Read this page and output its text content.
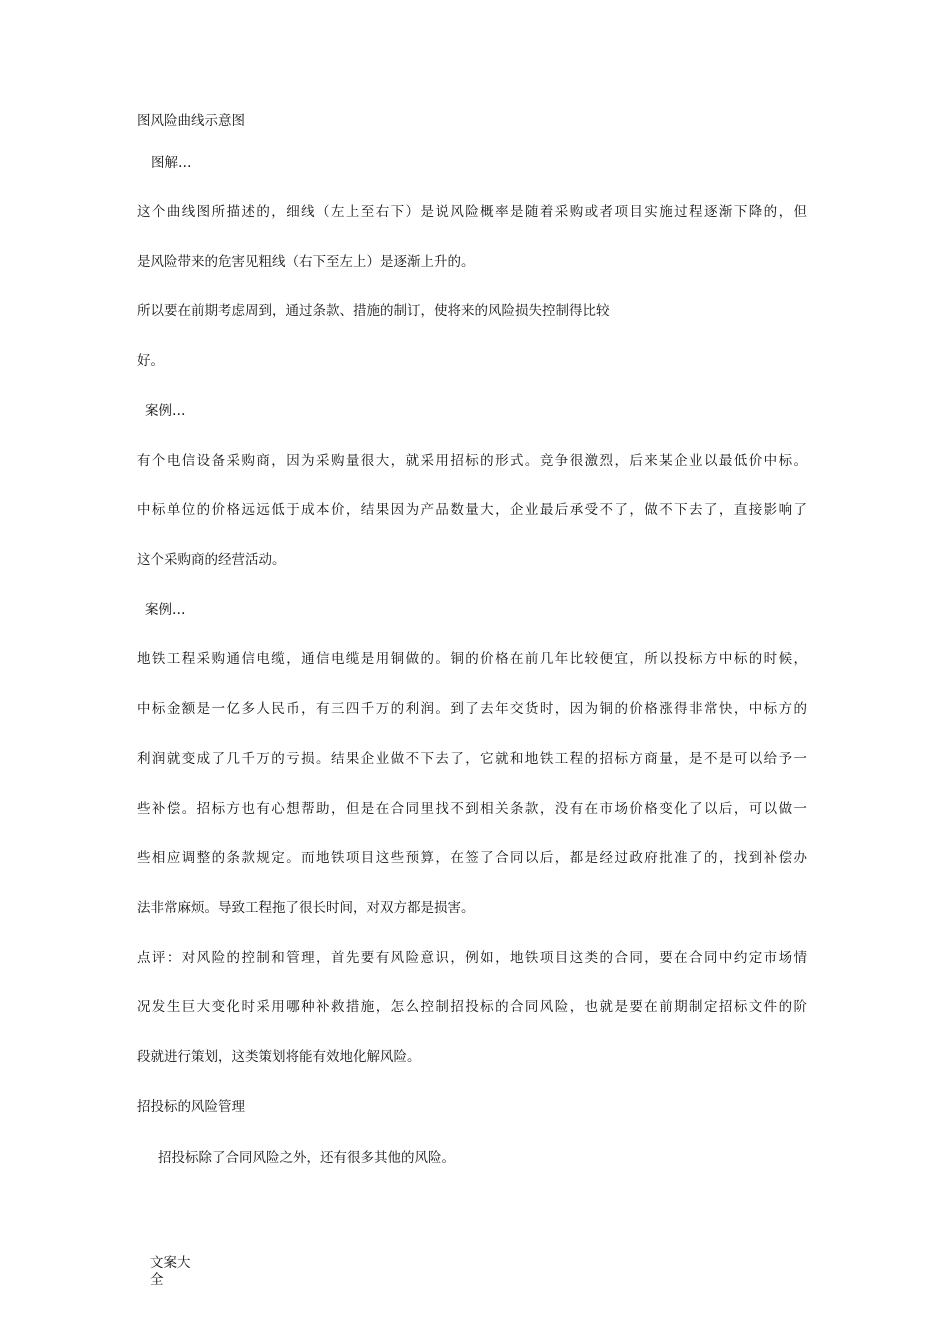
图风险曲线示意图
图解…
这个曲线图所描述的，细线（左上至右下）是说风险概率是随着采购或者项目实施过程逐渐下降的，但
是风险带来的危害见粗线（右下至左上）是逐渐上升的。
所以要在前期考虑周到，通过条款、措施的制订，使将来的风险损失控制得比较
好。
案例…
有个电信设备采购商，因为采购量很大，就采用招标的形式。竞争很激烈，后来某企业以最低价中标。
中标单位的价格远远低于成本价，结果因为产品数量大，企业最后承受不了，做不下去了，直接影响了
这个采购商的经营活动。
案例…
地铁工程采购通信电缆，通信电缆是用铜做的。铜的价格在前几年比较便宜，所以投标方中标的时候，
中标金额是一亿多人民币，有三四千万的利润。到了去年交货时，因为铜的价格涨得非常快，中标方的
利润就变成了几千万的亏损。结果企业做不下去了，它就和地铁工程的招标方商量，是不是可以给予一
些补偿。招标方也有心想帮助，但是在合同里找不到相关条款，没有在市场价格变化了以后，可以做一
些相应调整的条款规定。而地铁项目这些预算，在签了合同以后，都是经过政府批准了的，找到补偿办
法非常麻烦。导致工程拖了很长时间，对双方都是损害。
点评：对风险的控制和管理，首先要有风险意识，例如，地铁项目这类的合同，要在合同中约定市场情
况发生巨大变化时采用哪种补救措施，怎么控制招投标的合同风险，也就是要在前期制定招标文件的阶
段就进行策划，这类策划将能有效地化解风险。
招投标的风险管理
招投标除了合同风险之外，还有很多其他的风险。
文案大全
